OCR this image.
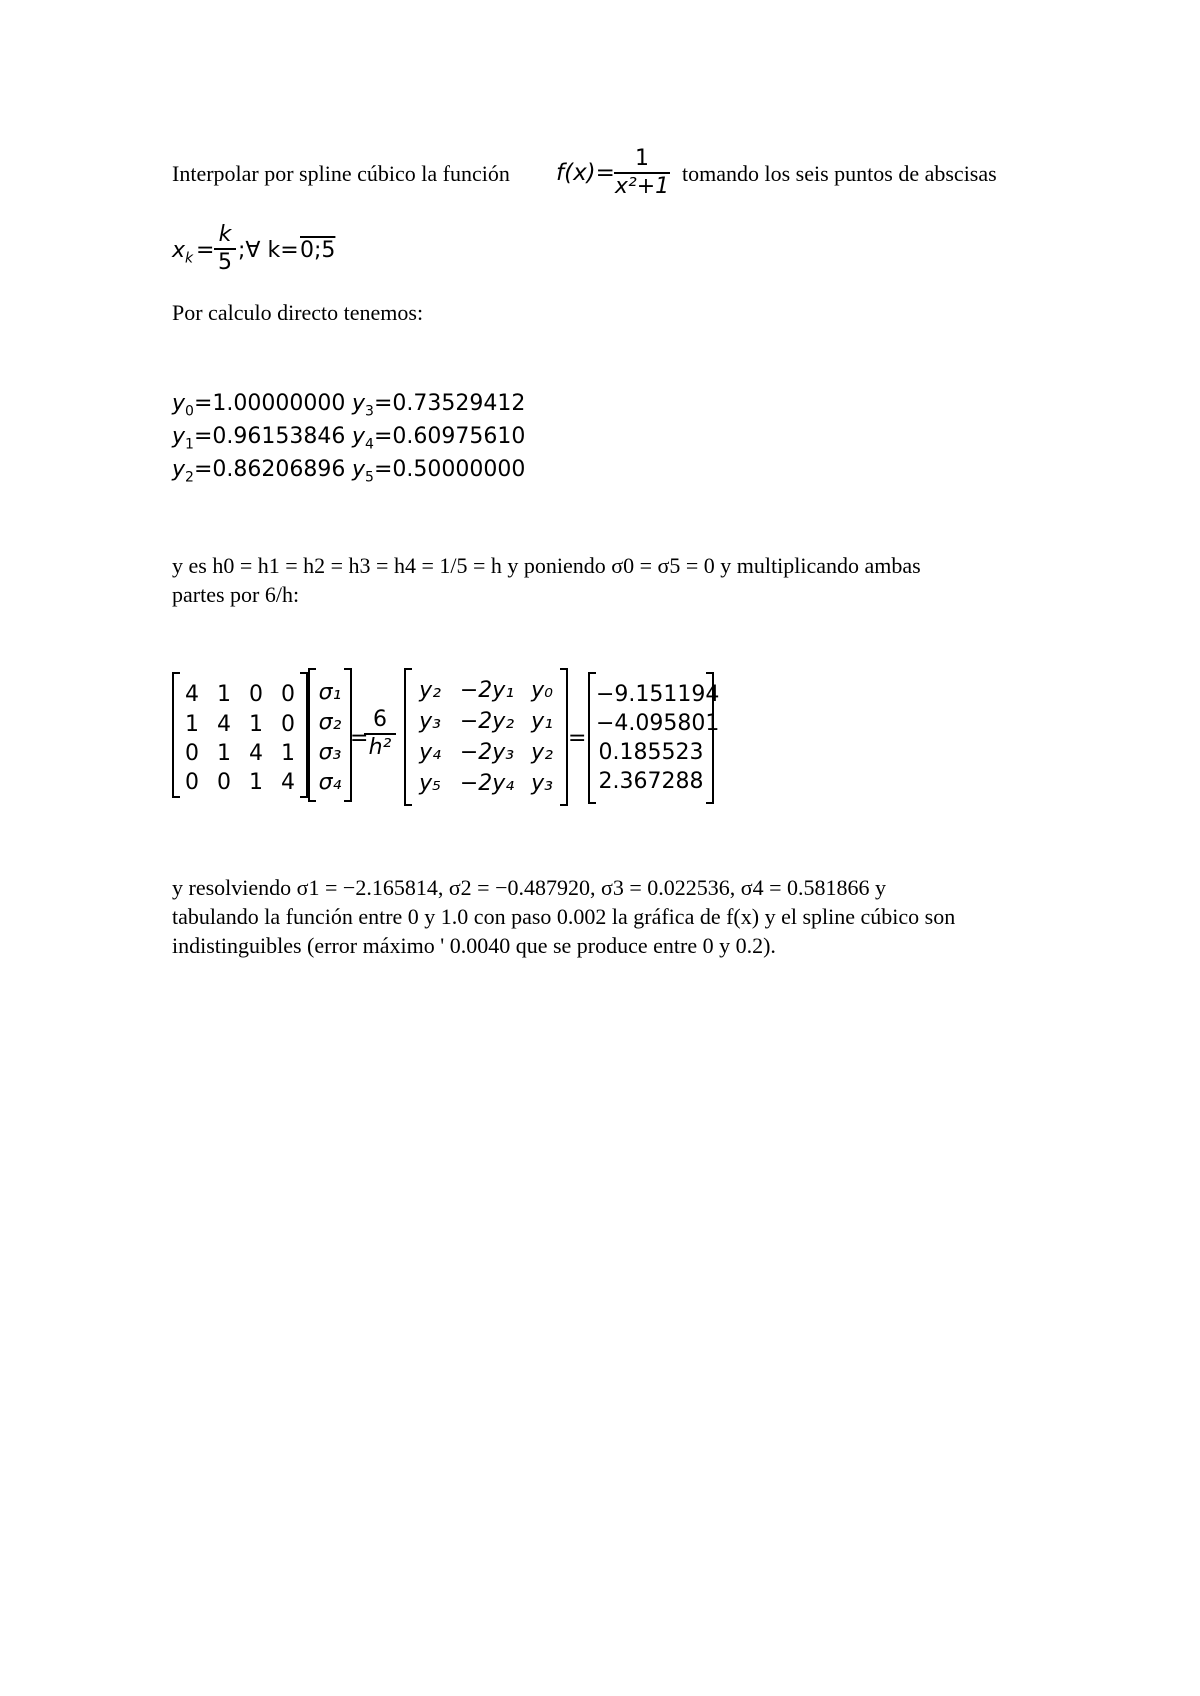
Interpolar por spline cúbico la función f(x)=
1
x²+1
tomando los seis puntos de abscisas
$x_k$ =
k
5 ;∀ k= 0;5
Por calculo directo tenemos:
$y_0=1.00000000$
$y_1=0.96153846$
$y_2=0.86206896$
$y_3=0.73529412$
$y_4=0.60975610$
$y_5=0.50000000$
y es h0 = h1 = h2 = h3 = h4 = 1/5 = h y poniendo σ0 = σ5 = 0 y multiplicando ambas
partes por 6/h:
4 1 0 0
1 4 1 0
0 1 4 1
0 0 1 4
σ₁
σ₂
σ₃
σ₄
=
6
h²
y₂ −2y₁ y₀
y₃ −2y₂ y₁
y₄ −2y₃ y₂
y₅ −2y₄ y₃
=
−9.151194
−4.095801
0.185523
2.367288
y resolviendo σ1 = −2.165814, σ2 = −0.487920, σ3 = 0.022536, σ4 = 0.581866 y
tabulando la función entre 0 y 1.0 con paso 0.002 la gráfica de f(x) y el spline cúbico son
indistinguibles (error máximo ' 0.0040 que se produce entre 0 y 0.2).
